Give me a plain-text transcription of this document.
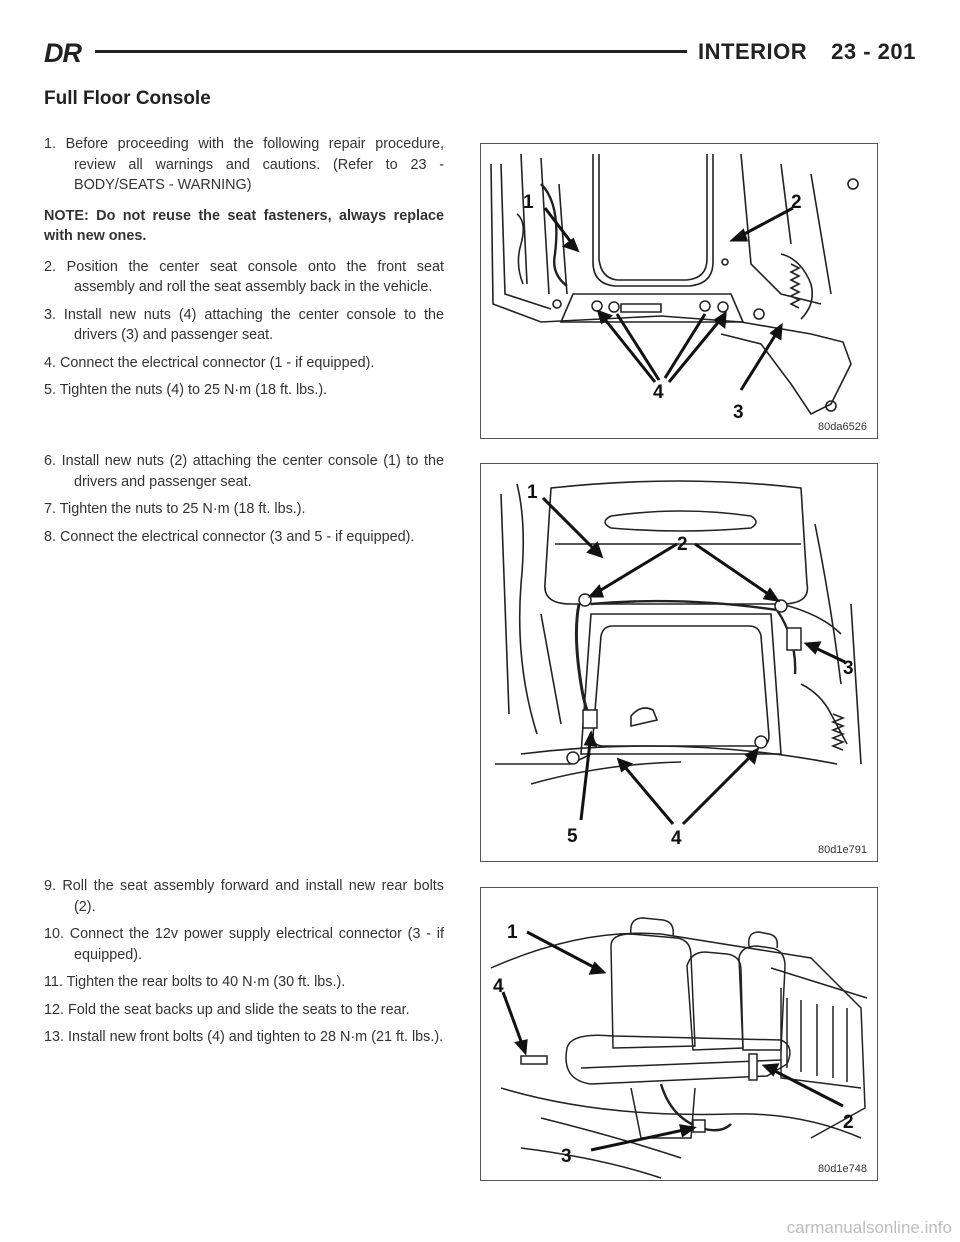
DR	INTERIOR 23 - 201
Full Floor Console

1. Before proceeding with the following repair procedure, review all warnings and cautions. (Refer to 23 - BODY/SEATS - WARNING)

NOTE: Do not reuse the seat fasteners, always replace with new ones.

2. Position the center seat console onto the front seat assembly and roll the seat assembly back in the vehicle.

3. Install new nuts (4) attaching the center console to the drivers (3) and passenger seat.

4. Connect the electrical connector (1 - if equipped).

5. Tighten the nuts (4) to 25 N·m (18 ft. lbs.).

6. Install new nuts (2) attaching the center console (1) to the drivers and passenger seat.

7. Tighten the nuts to 25 N·m (18 ft. lbs.).

8. Connect the electrical connector (3 and 5 - if equipped).

9. Roll the seat assembly forward and install new rear bolts (2).

10. Connect the 12v power supply electrical connector (3 - if equipped).

11. Tighten the rear bolts to 40 N·m (30 ft. lbs.).

12. Fold the seat backs up and slide the seats to the rear.

13. Install new front bolts (4) and tighten to 28 N·m (21 ft. lbs.).

1	2
3
4
80da6526
1
2
3
4
5
80d1e791
1
2
3
4
80d1e748
carmanualsonline.info
